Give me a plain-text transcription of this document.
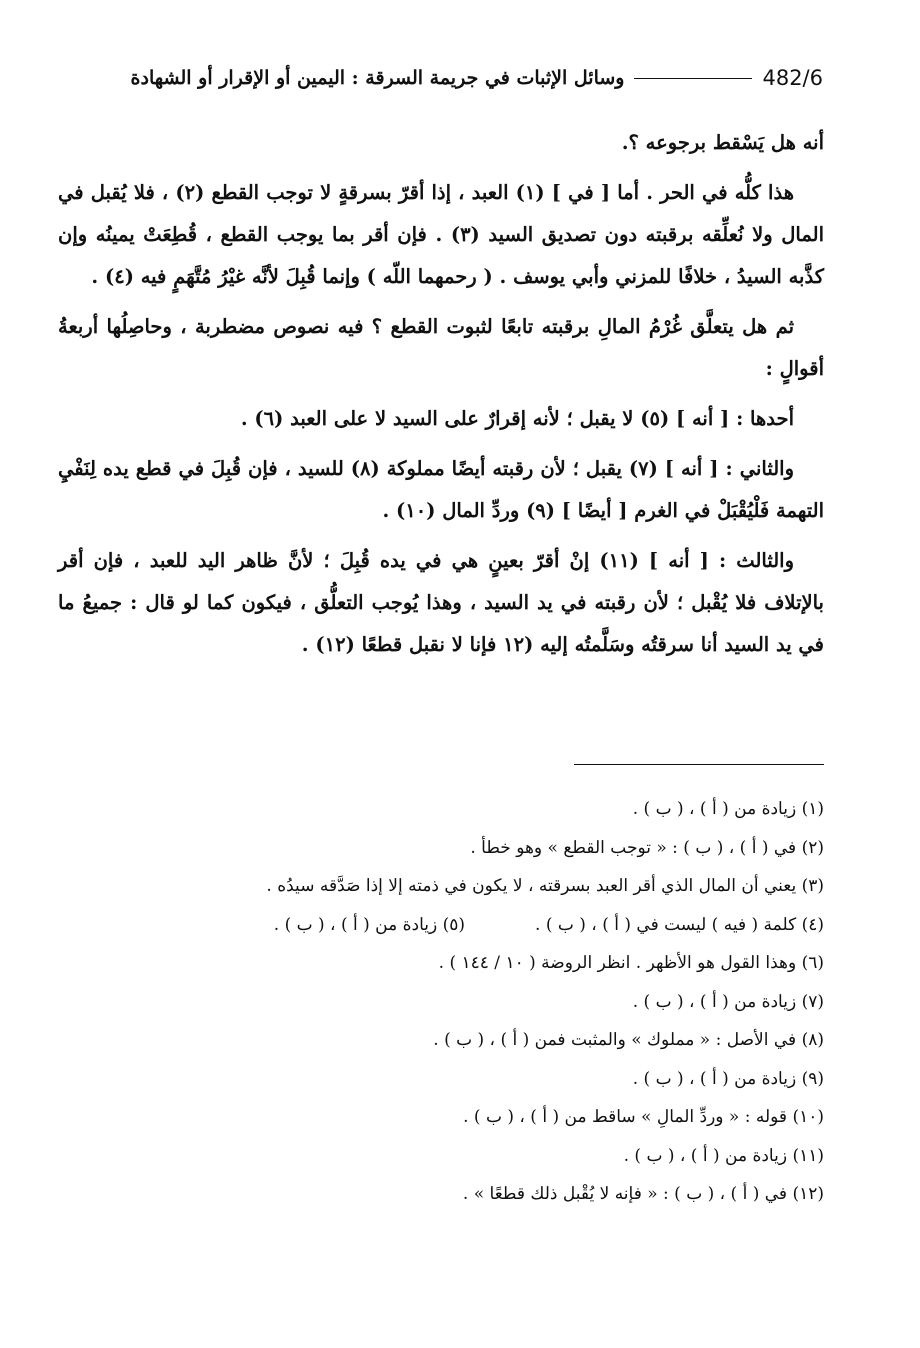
482/6
وسائل الإثبات في جريمة السرقة : اليمين أو الإقرار أو الشهادة

أنه هل يَسْقط برجوعه ؟.

هذا كلُّه في الحر . أما [ في ] (١) العبد ، إذا أقرّ بسرقةٍ لا توجب القطع (٢) ، فلا يُقبل في المال ولا نُعلِّقه برقبته دون تصديق السيد (٣) . فإن أقر بما يوجب القطع ، قُطِعَتْ يمينُه وإن كذَّبه السيدُ ، خلافًا للمزني وأبي يوسف . ( رحمهما اللّه ) وإنما قُبِلَ لأنَّه غيْرُ مُتَّهَمٍ فيه (٤) .

ثم هل يتعلَّق غُرْمُ المالِ برقبته تابعًا لثبوت القطع ؟ فيه نصوص مضطربة ، وحاصِلُها أربعةُ أقوالٍ :

أحدها : [ أنه ] (٥) لا يقبل ؛ لأنه إقرارٌ على السيد لا على العبد (٦) .

والثاني : [ أنه ] (٧) يقبل ؛ لأن رقبته أيضًا مملوكة (٨) للسيد ، فإن قُبِلَ في قطع يده لِنَفْيِ التهمة فَلْيُقْبَلْ في الغرم [ أيضًا ] (٩) وردِّ المال (١٠) .

والثالث : [ أنه ] (١١) إنْ أقرّ بعينٍ هي في يده قُبِلَ ؛ لأنَّ ظاهر اليد للعبد ، فإن أقر بالإتلاف فلا يُقْبل ؛ لأن رقبته في يد السيد ، وهذا يُوجب التعلُّق ، فيكون كما لو قال : جميعُ ما في يد السيد أنا سرقتُه وسَلَّمتُه إليه (١٢ فإنا لا نقبل قطعًا (١٢) .

(١) زيادة من ( أ ) ، ( ب ) .

(٢) في ( أ ) ، ( ب ) : « توجب القطع » وهو خطأ .

(٣) يعني أن المال الذي أقر العبد بسرقته ، لا يكون في ذمته إلا إذا صَدَّقه سيدُه .

(٤) كلمة ( فيه ) ليست في ( أ ) ، ( ب ) .
(٥) زيادة من ( أ ) ، ( ب ) .

(٦) وهذا القول هو الأظهر . انظر الروضة ( ١٠ / ١٤٤ ) .

(٧) زيادة من ( أ ) ، ( ب ) .

(٨) في الأصل : « مملوك » والمثبت فمن ( أ ) ، ( ب ) .

(٩) زيادة من ( أ ) ، ( ب ) .

(١٠) قوله : « وردِّ المالِ » ساقط من ( أ ) ، ( ب ) .

(١١) زيادة من ( أ ) ، ( ب ) .

(١٢) في ( أ ) ، ( ب ) : « فإنه لا يُقْبل ذلك قطعًا » .
